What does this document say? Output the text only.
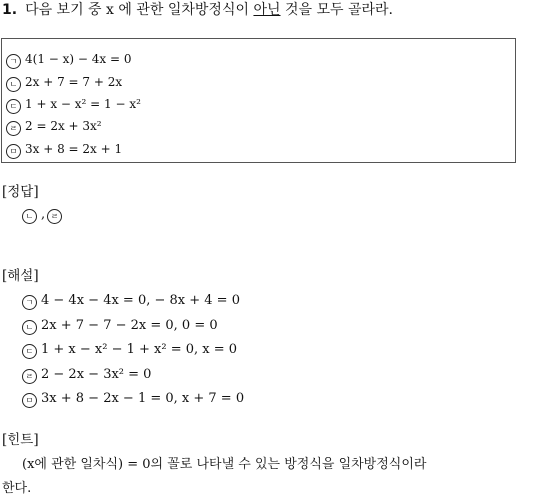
1. 다음 보기 중 x 에 관한 일차방정식이 아닌 것을 모두 골라라.
ㄱ 4(1 − x) − 4x = 0
ㄴ 2x + 7 = 7 + 2x
ㄷ 1 + x − x² = 1 − x²
ㄹ 2 = 2x + 3x²
ㅁ 3x + 8 = 2x + 1
[정답]
ㄴ , ㄹ
[해설]
ㄱ 4 − 4x − 4x = 0, − 8x + 4 = 0
ㄴ 2x + 7 − 7 − 2x = 0, 0 = 0
ㄷ 1 + x − x² − 1 + x² = 0, x = 0
ㄹ 2 − 2x − 3x² = 0
ㅁ 3x + 8 − 2x − 1 = 0, x + 7 = 0
[힌트]
(x에 관한 일차식) = 0의 꼴로 나타낼 수 있는 방정식을 일차방정식이라
한다.
